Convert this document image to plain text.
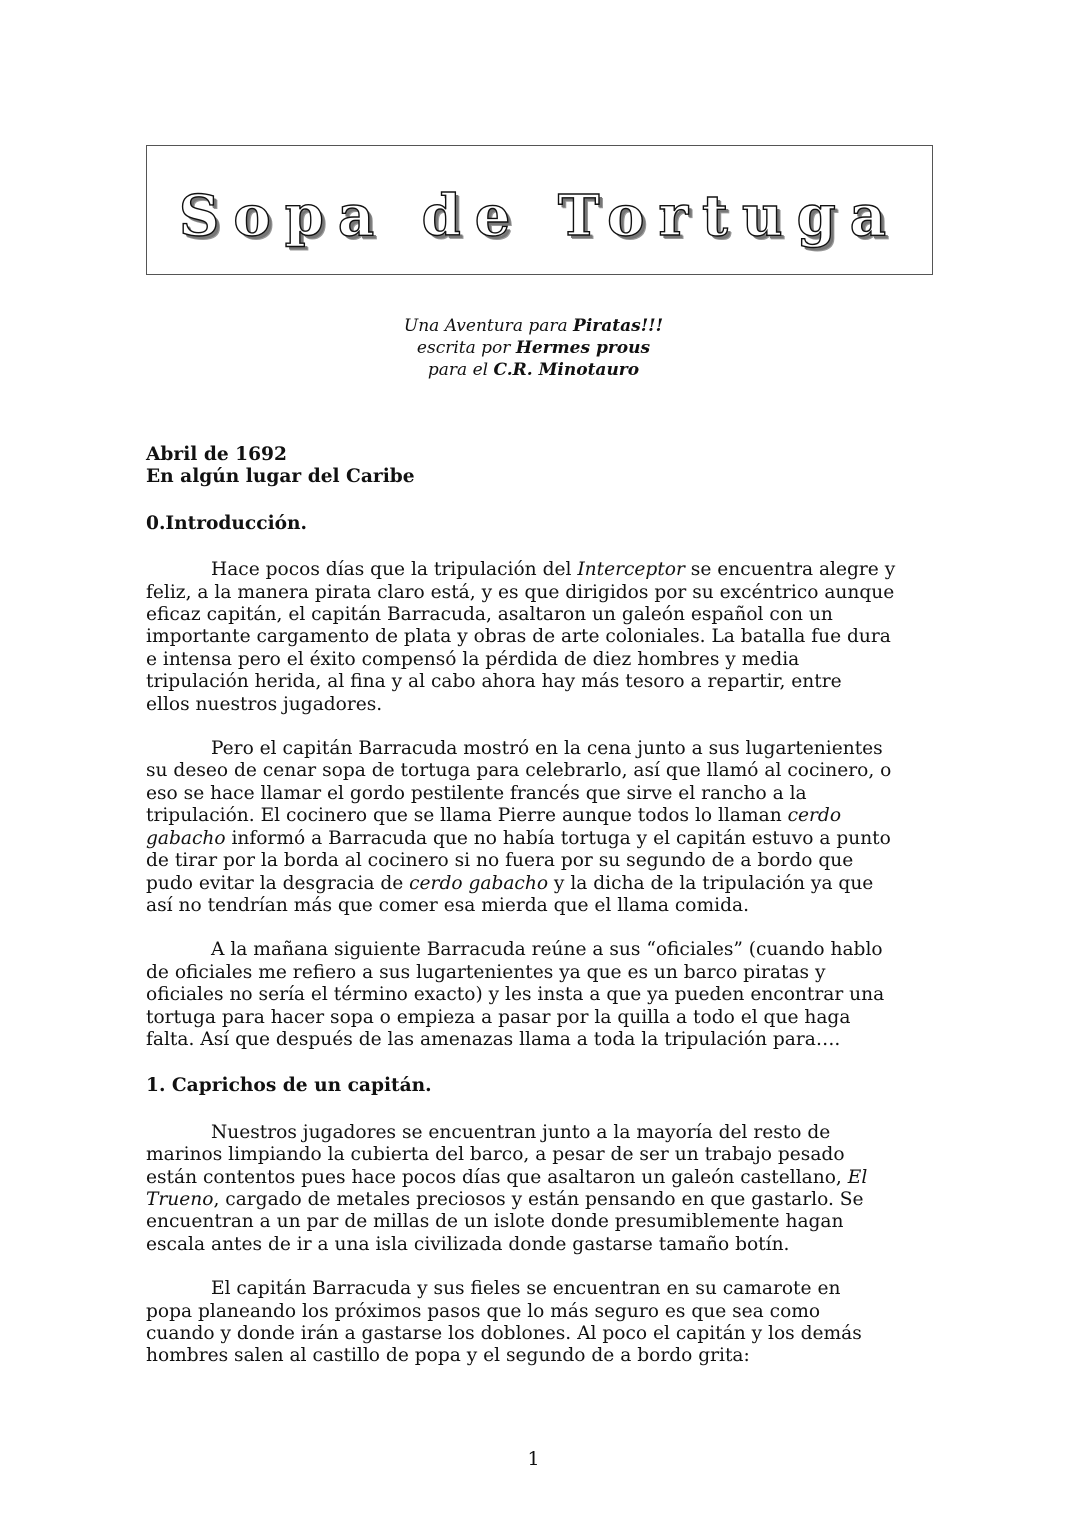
Sopa de Tortuga
Una Aventura para Piratas!!!
escrita por Hermes prous
para el C.R. Minotauro
Abril de 1692
En algún lugar del Caribe
0.Introducción.
Hace pocos días que la tripulación del Interceptor se encuentra alegre y
feliz, a la manera pirata claro está, y es que dirigidos por su excéntrico aunque
eficaz capitán, el capitán Barracuda, asaltaron un galeón español con un
importante cargamento de plata y obras de arte coloniales. La batalla fue dura
e intensa pero el éxito compensó la pérdida de diez hombres y media
tripulación herida, al fina y al cabo ahora hay más tesoro a repartir, entre
ellos nuestros jugadores.
Pero el capitán Barracuda mostró en la cena junto a sus lugartenientes
su deseo de cenar sopa de tortuga para celebrarlo, así que llamó al cocinero, o
eso se hace llamar el gordo pestilente francés que sirve el rancho a la
tripulación. El cocinero que se llama Pierre aunque todos lo llaman cerdo
gabacho informó a Barracuda que no había tortuga y el capitán estuvo a punto
de tirar por la borda al cocinero si no fuera por su segundo de a bordo que
pudo evitar la desgracia de cerdo gabacho y la dicha de la tripulación ya que
así no tendrían más que comer esa mierda que el llama comida.
A la mañana siguiente Barracuda reúne a sus “oficiales” (cuando hablo
de oficiales me refiero a sus lugartenientes ya que es un barco piratas y
oficiales no sería el término exacto) y les insta a que ya pueden encontrar una
tortuga para hacer sopa o empieza a pasar por la quilla a todo el que haga
falta. Así que después de las amenazas llama a toda la tripulación para….
1. Caprichos de un capitán.
Nuestros jugadores se encuentran junto a la mayoría del resto de
marinos limpiando la cubierta del barco, a pesar de ser un trabajo pesado
están contentos pues hace pocos días que asaltaron un galeón castellano, El
Trueno, cargado de metales preciosos y están pensando en que gastarlo. Se
encuentran a un par de millas de un islote donde presumiblemente hagan
escala antes de ir a una isla civilizada donde gastarse tamaño botín.
El capitán Barracuda y sus fieles se encuentran en su camarote en
popa planeando los próximos pasos que lo más seguro es que sea como
cuando y donde irán a gastarse los doblones. Al poco el capitán y los demás
hombres salen al castillo de popa y el segundo de a bordo grita:
1
